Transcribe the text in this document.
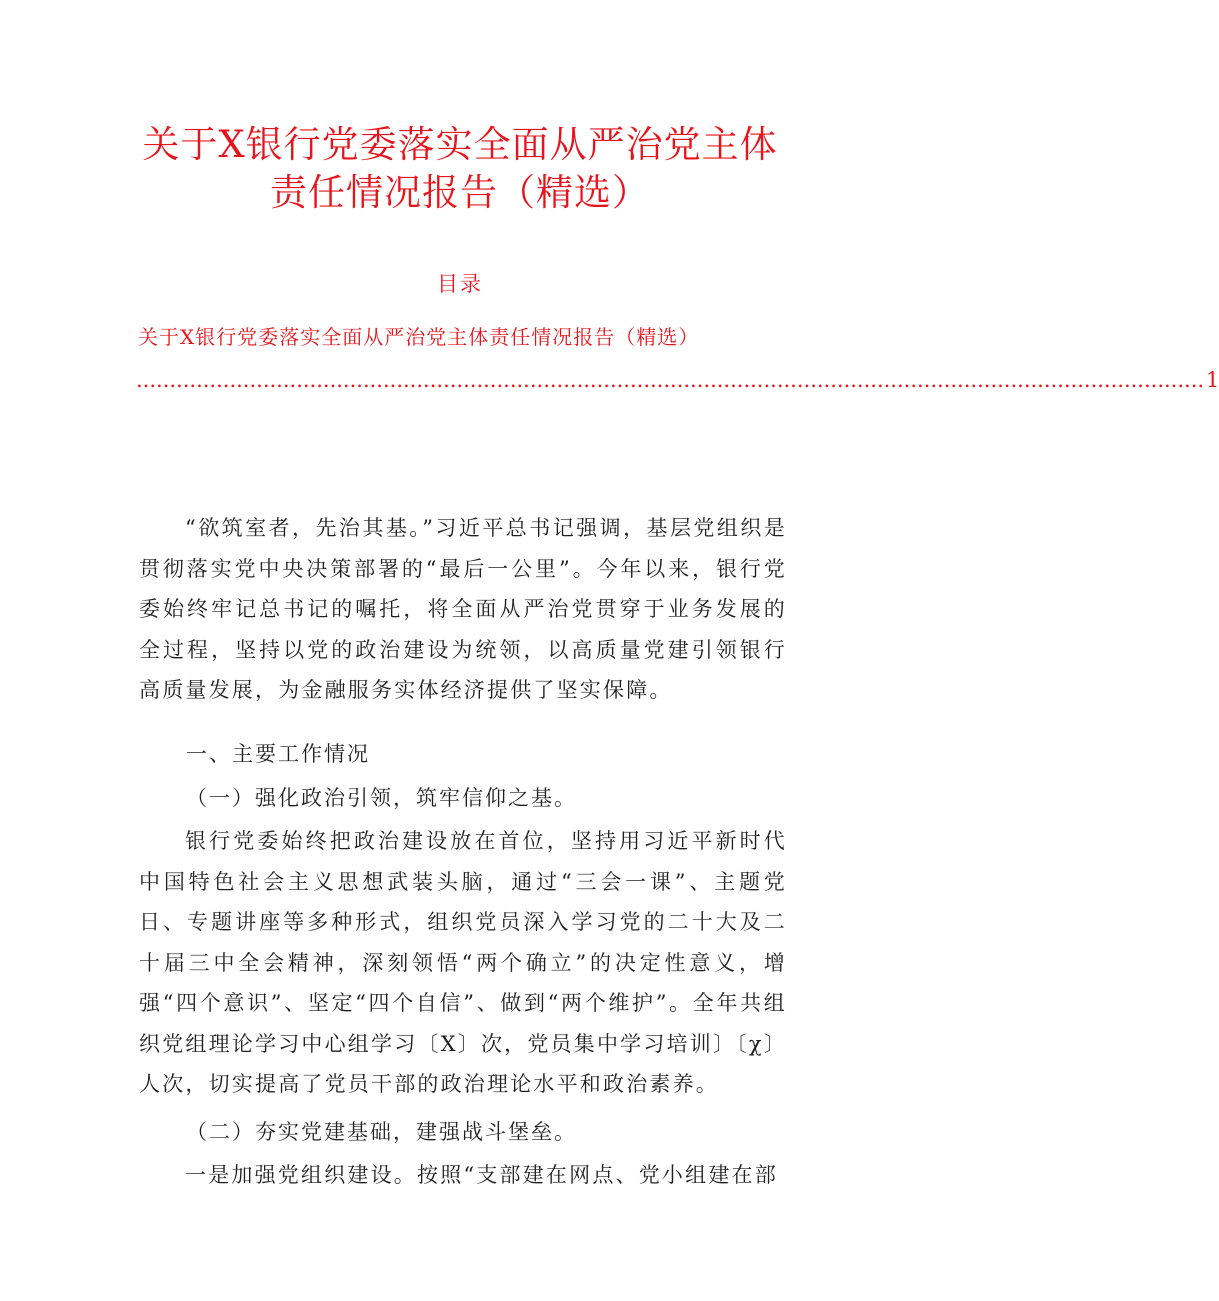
关于X银行党委落实全面从严治党主体
责任情况报告（精选）
目录
关于X银行党委落实全面从严治党主体责任情况报告（精选）
................................................................................................................................................................ 1
“欲筑室者，先治其基。”习近平总书记强调，基层党组织是贯彻落实党中央决策部署的“最后一公里”。今年以来，银行党委始终牢记总书记的嘱托，将全面从严治党贯穿于业务发展的全过程，坚持以党的政治建设为统领，以高质量党建引领银行高质量发展，为金融服务实体经济提供了坚实保障。
一、主要工作情况
（一）强化政治引领，筑牢信仰之基。
银行党委始终把政治建设放在首位，坚持用习近平新时代中国特色社会主义思想武装头脑，通过“三会一课”、主题党日、专题讲座等多种形式，组织党员深入学习党的二十大及二十届三中全会精神，深刻领悟“两个确立”的决定性意义，增强“四个意识”、坚定“四个自信”、做到“两个维护”。全年共组织党组理论学习中心组学习〔X〕次，党员集中学习培训〕〔χ〕人次，切实提高了党员干部的政治理论水平和政治素养。
（二）夯实党建基础，建强战斗堡垒。
一是加强党组织建设。按照“支部建在网点、党小组建在部
